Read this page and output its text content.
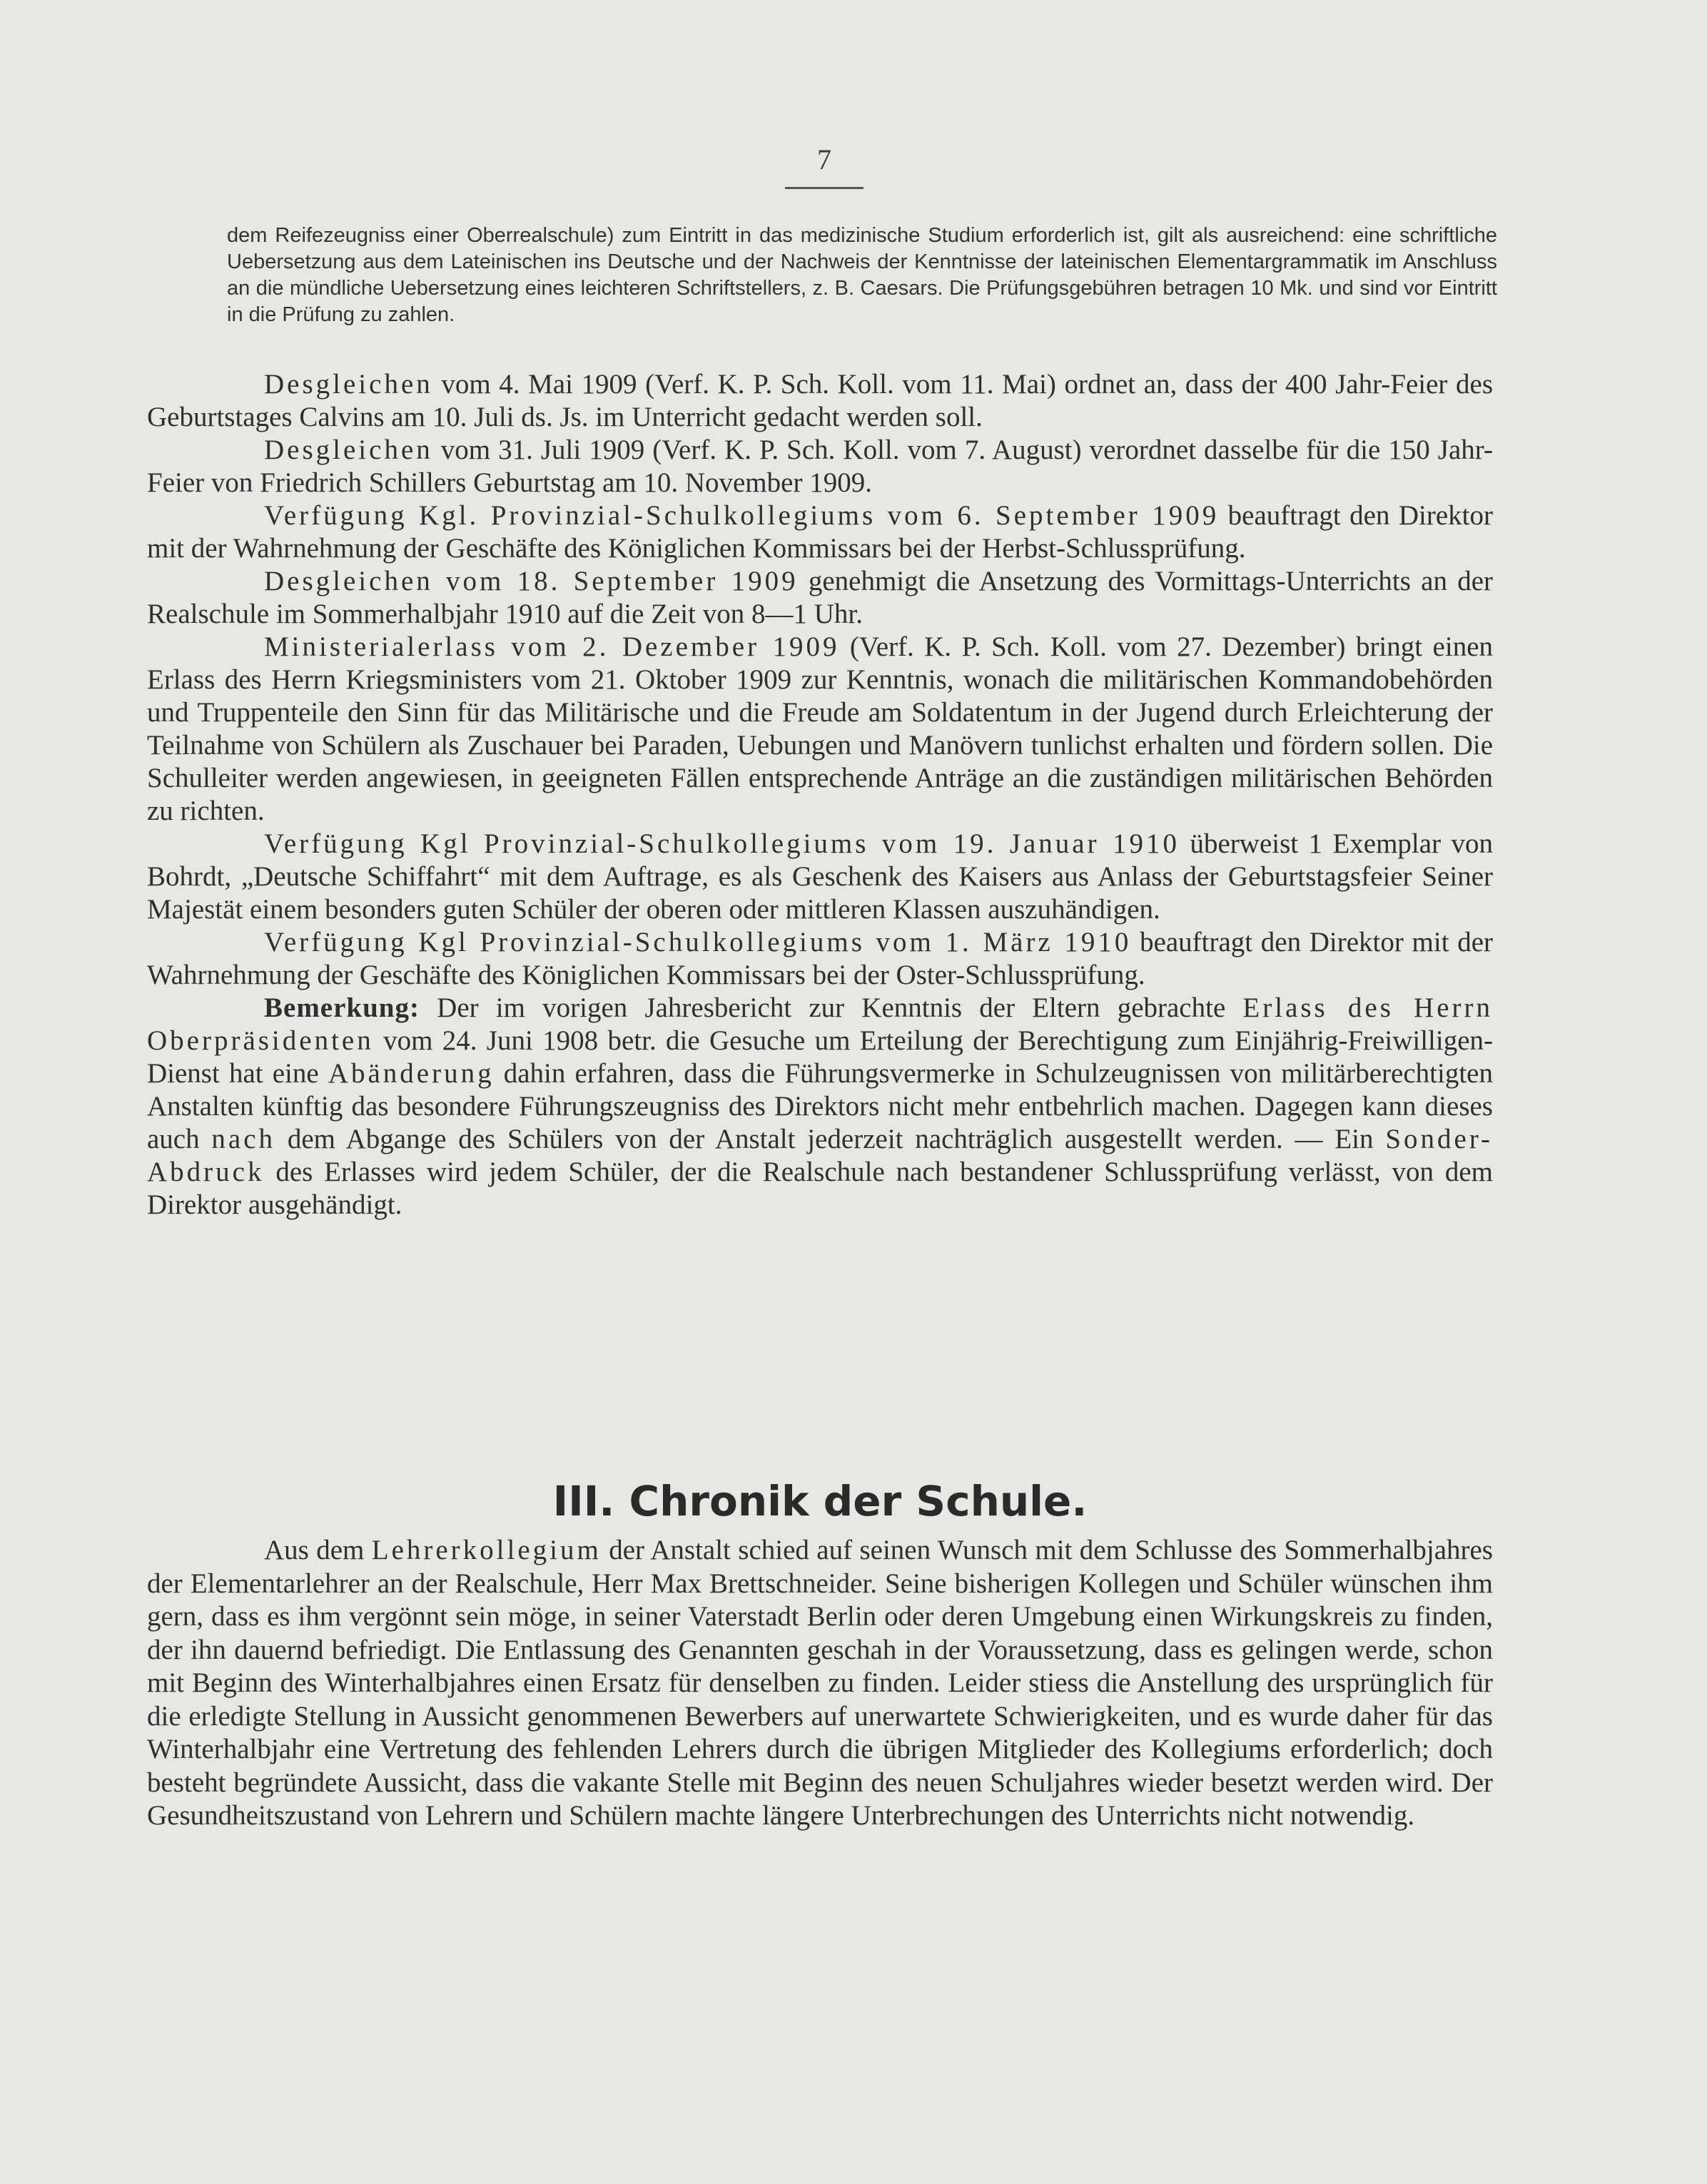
7
dem Reifezeugniss einer Oberrealschule) zum Eintritt in das medizinische Studium erforderlich ist, gilt als ausreichend: eine schriftliche Uebersetzung aus dem Lateinischen ins Deutsche und der Nachweis der Kenntnisse der lateinischen Elementargrammatik im Anschluss an die mündliche Uebersetzung eines leichteren Schriftstellers, z. B. Caesars. Die Prüfungsgebühren betragen 10 Mk. und sind vor Eintritt in die Prüfung zu zahlen.

Desgleichen vom 4. Mai 1909 (Verf. K. P. Sch. Koll. vom 11. Mai) ordnet an, dass der 400 Jahr-Feier des Geburtstages Calvins am 10. Juli ds. Js. im Unterricht gedacht werden soll.

Desgleichen vom 31. Juli 1909 (Verf. K. P. Sch. Koll. vom 7. August) verordnet dasselbe für die 150 Jahr-Feier von Friedrich Schillers Geburtstag am 10. November 1909.

Verfügung Kgl. Provinzial-Schulkollegiums vom 6. September 1909 beauftragt den Direktor mit der Wahrnehmung der Geschäfte des Königlichen Kommissars bei der Herbst-Schlussprüfung.

Desgleichen vom 18. September 1909 genehmigt die Ansetzung des Vormittags-Unterrichts an der Realschule im Sommerhalbjahr 1910 auf die Zeit von 8—1 Uhr.

Ministerialerlass vom 2. Dezember 1909 (Verf. K. P. Sch. Koll. vom 27. Dezember) bringt einen Erlass des Herrn Kriegsministers vom 21. Oktober 1909 zur Kenntnis, wonach die militärischen Kommandobehörden und Truppenteile den Sinn für das Militärische und die Freude am Soldatentum in der Jugend durch Erleichterung der Teilnahme von Schülern als Zuschauer bei Paraden, Uebungen und Manövern tunlichst erhalten und fördern sollen. Die Schulleiter werden angewiesen, in geeigneten Fällen entsprechende Anträge an die zuständigen militärischen Behörden zu richten.

Verfügung Kgl Provinzial-Schulkollegiums vom 19. Januar 1910 überweist 1 Exemplar von Bohrdt, „Deutsche Schiffahrt“ mit dem Auftrage, es als Geschenk des Kaisers aus Anlass der Geburtstagsfeier Seiner Majestät einem besonders guten Schüler der oberen oder mittleren Klassen auszuhändigen.

Verfügung Kgl Provinzial-Schulkollegiums vom 1. März 1910 beauftragt den Direktor mit der Wahrnehmung der Geschäfte des Königlichen Kommissars bei der Oster-Schlussprüfung.

Bemerkung: Der im vorigen Jahresbericht zur Kenntnis der Eltern gebrachte Erlass des Herrn Oberpräsidenten vom 24. Juni 1908 betr. die Gesuche um Erteilung der Berechtigung zum Einjährig-Freiwilligen-Dienst hat eine Abänderung dahin erfahren, dass die Führungsvermerke in Schulzeugnissen von militärberechtigten Anstalten künftig das besondere Führungszeugniss des Direktors nicht mehr entbehrlich machen. Dagegen kann dieses auch nach dem Abgange des Schülers von der Anstalt jederzeit nachträglich ausgestellt werden. — Ein Sonder-Abdruck des Erlasses wird jedem Schüler, der die Realschule nach bestandener Schlussprüfung verlässt, von dem Direktor ausgehändigt.

III. Chronik der Schule.

Aus dem Lehrerkollegium der Anstalt schied auf seinen Wunsch mit dem Schlusse des Sommerhalbjahres der Elementarlehrer an der Realschule, Herr Max Brettschneider. Seine bisherigen Kollegen und Schüler wünschen ihm gern, dass es ihm vergönnt sein möge, in seiner Vaterstadt Berlin oder deren Umgebung einen Wirkungskreis zu finden, der ihn dauernd befriedigt. Die Entlassung des Genannten geschah in der Voraussetzung, dass es gelingen werde, schon mit Beginn des Winterhalbjahres einen Ersatz für denselben zu finden. Leider stiess die Anstellung des ursprünglich für die erledigte Stellung in Aussicht genommenen Bewerbers auf unerwartete Schwierigkeiten, und es wurde daher für das Winterhalbjahr eine Vertretung des fehlenden Lehrers durch die übrigen Mitglieder des Kollegiums erforderlich; doch besteht begründete Aussicht, dass die vakante Stelle mit Beginn des neuen Schuljahres wieder besetzt werden wird. Der Gesundheitszustand von Lehrern und Schülern machte längere Unterbrechungen des Unterrichts nicht notwendig.
